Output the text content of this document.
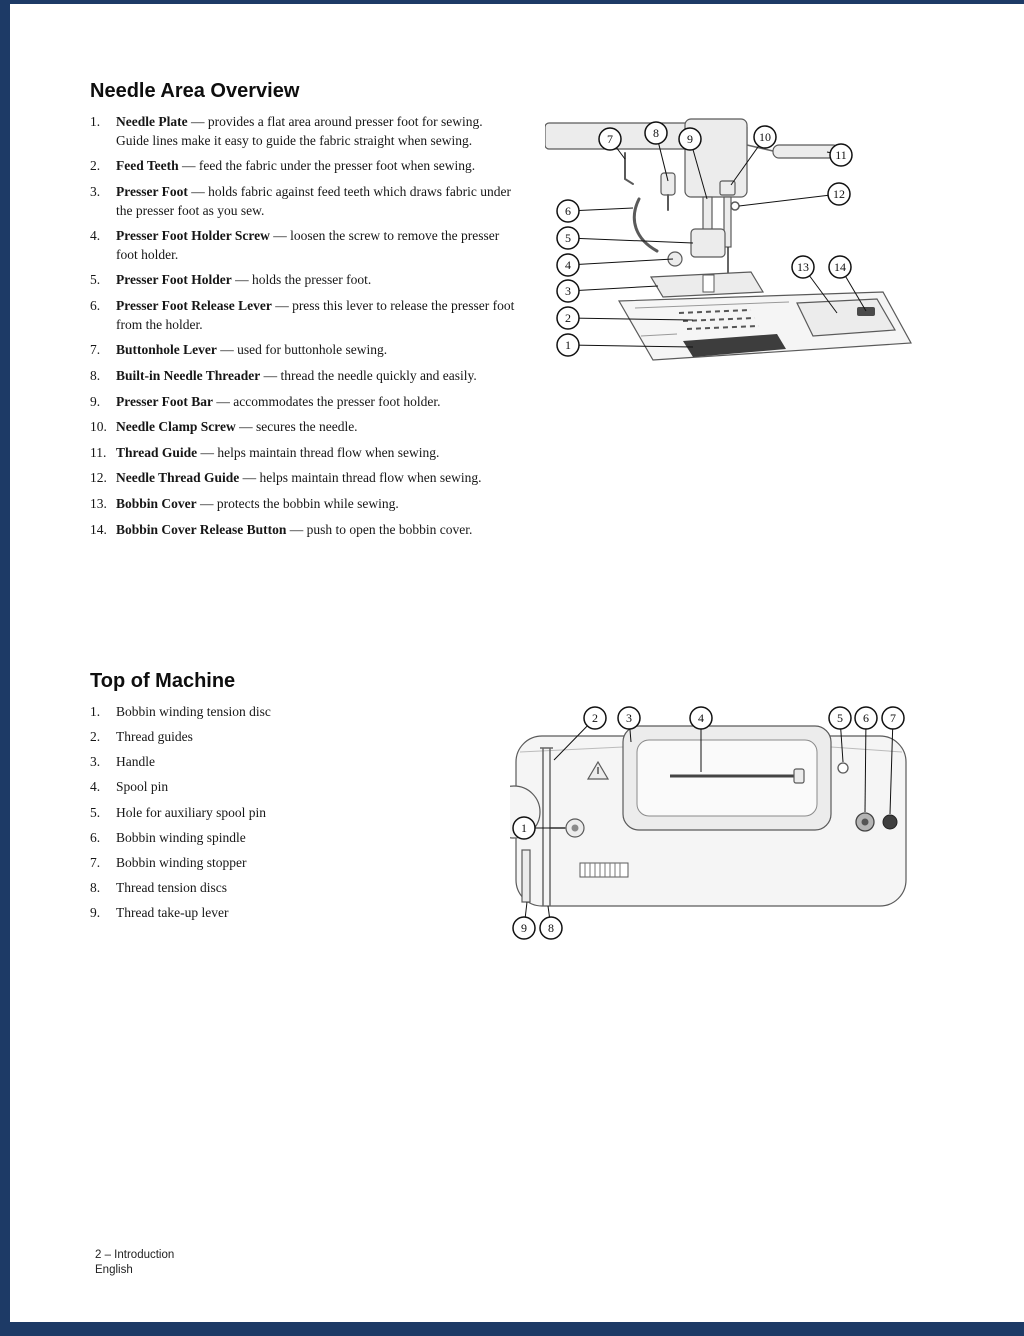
Needle Area Overview
1.	Needle Plate — provides a flat area around presser foot for sewing. Guide lines make it easy to guide the fabric straight when sewing.
2.	Feed Teeth — feed the fabric under the presser foot when sewing.
3.	Presser Foot — holds fabric against feed teeth which draws fabric under the presser foot as you sew.
4.	Presser Foot Holder Screw — loosen the screw to remove the presser foot holder.
5.	Presser Foot Holder — holds the presser foot.
6.	Presser Foot Release Lever — press this lever to release the presser foot from the holder.
7.	Buttonhole Lever — used for buttonhole sewing.
8.	Built-in Needle Threader — thread the needle quickly and easily.
9.	Presser Foot Bar — accommodates the presser foot holder.
10. Needle Clamp Screw — secures the needle.
11. Thread Guide — helps maintain thread flow when sewing.
12. Needle Thread Guide — helps maintain thread flow when sewing.
13. Bobbin Cover — protects the bobbin while sewing.
14. Bobbin Cover Release Button — push to open the bobbin cover.
1
2
3
4
5
6
7	8 9	10
11
12
13 14
Top of Machine
1.	Bobbin winding tension disc
2.	Thread guides
3.	Handle
4.	Spool pin
5.	Hole for auxiliary spool pin
6.	Bobbin winding spindle
7.	Bobbin winding stopper
8.	Thread tension discs
9.	Thread take-up lever
1
2 3	4	5 6 7
8
9
2 – Introduction
English
